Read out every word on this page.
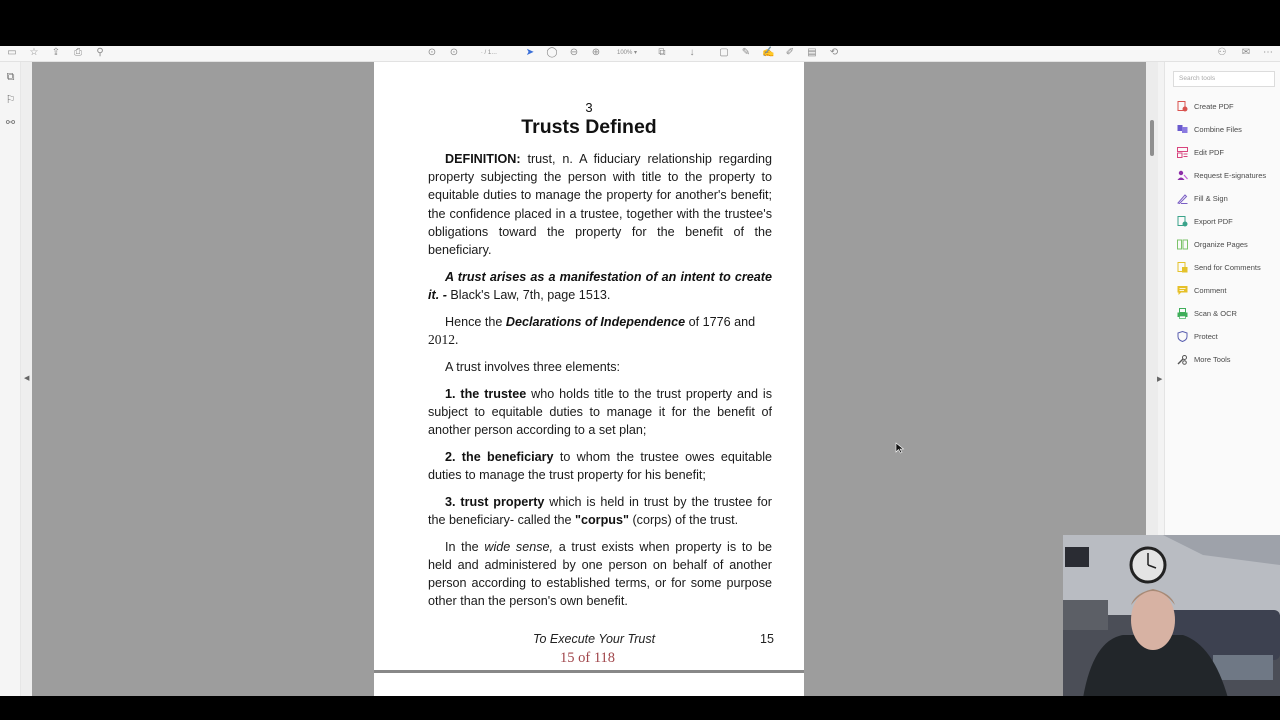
▭ ☆ ⇪ ⎙ ⚲	⊙ ⊙	· / 1…	➤ ◯ ⊖ ⊕	100% ▾ ⧉	↓	▢ ✎ ✍ ✐ ▤ ⟲	⚇ ✉ ⋯
⧉
⚐
⚯
◀
3
Trusts Defined

DEFINITION: trust, n. A fiduciary relationship regarding property subjecting the person with title to the property to equitable duties to manage the property for another's benefit; the confidence placed in a trustee, together with the trustee's obligations toward the property for the benefit of the beneficiary.

A trust arises as a manifestation of an intent to create it. - Black's Law, 7th, page 1513.

Hence the Declarations of Independence of 1776 and 2012.

A trust involves three elements:

1. the trustee who holds title to the trust property and is subject to equitable duties to manage it for the benefit of another person according to a set plan;

2. the beneficiary to whom the trustee owes equitable duties to manage the trust property for his benefit;

3. trust property which is held in trust by the trustee for the beneficiary- called the "corpus" (corps) of the trust.

In the wide sense, a trust exists when property is to be held and administered by one person on behalf of another person according to established terms, or for some purpose other than the person's own benefit.

To Execute Your Trust	15
15 of 118
▶
Search tools
Create PDF
Combine Files
Edit PDF
Request E-signatures
Fill & Sign
Export PDF
Organize Pages
Send for Comments
Comment
Scan & OCR
Protect
More Tools
